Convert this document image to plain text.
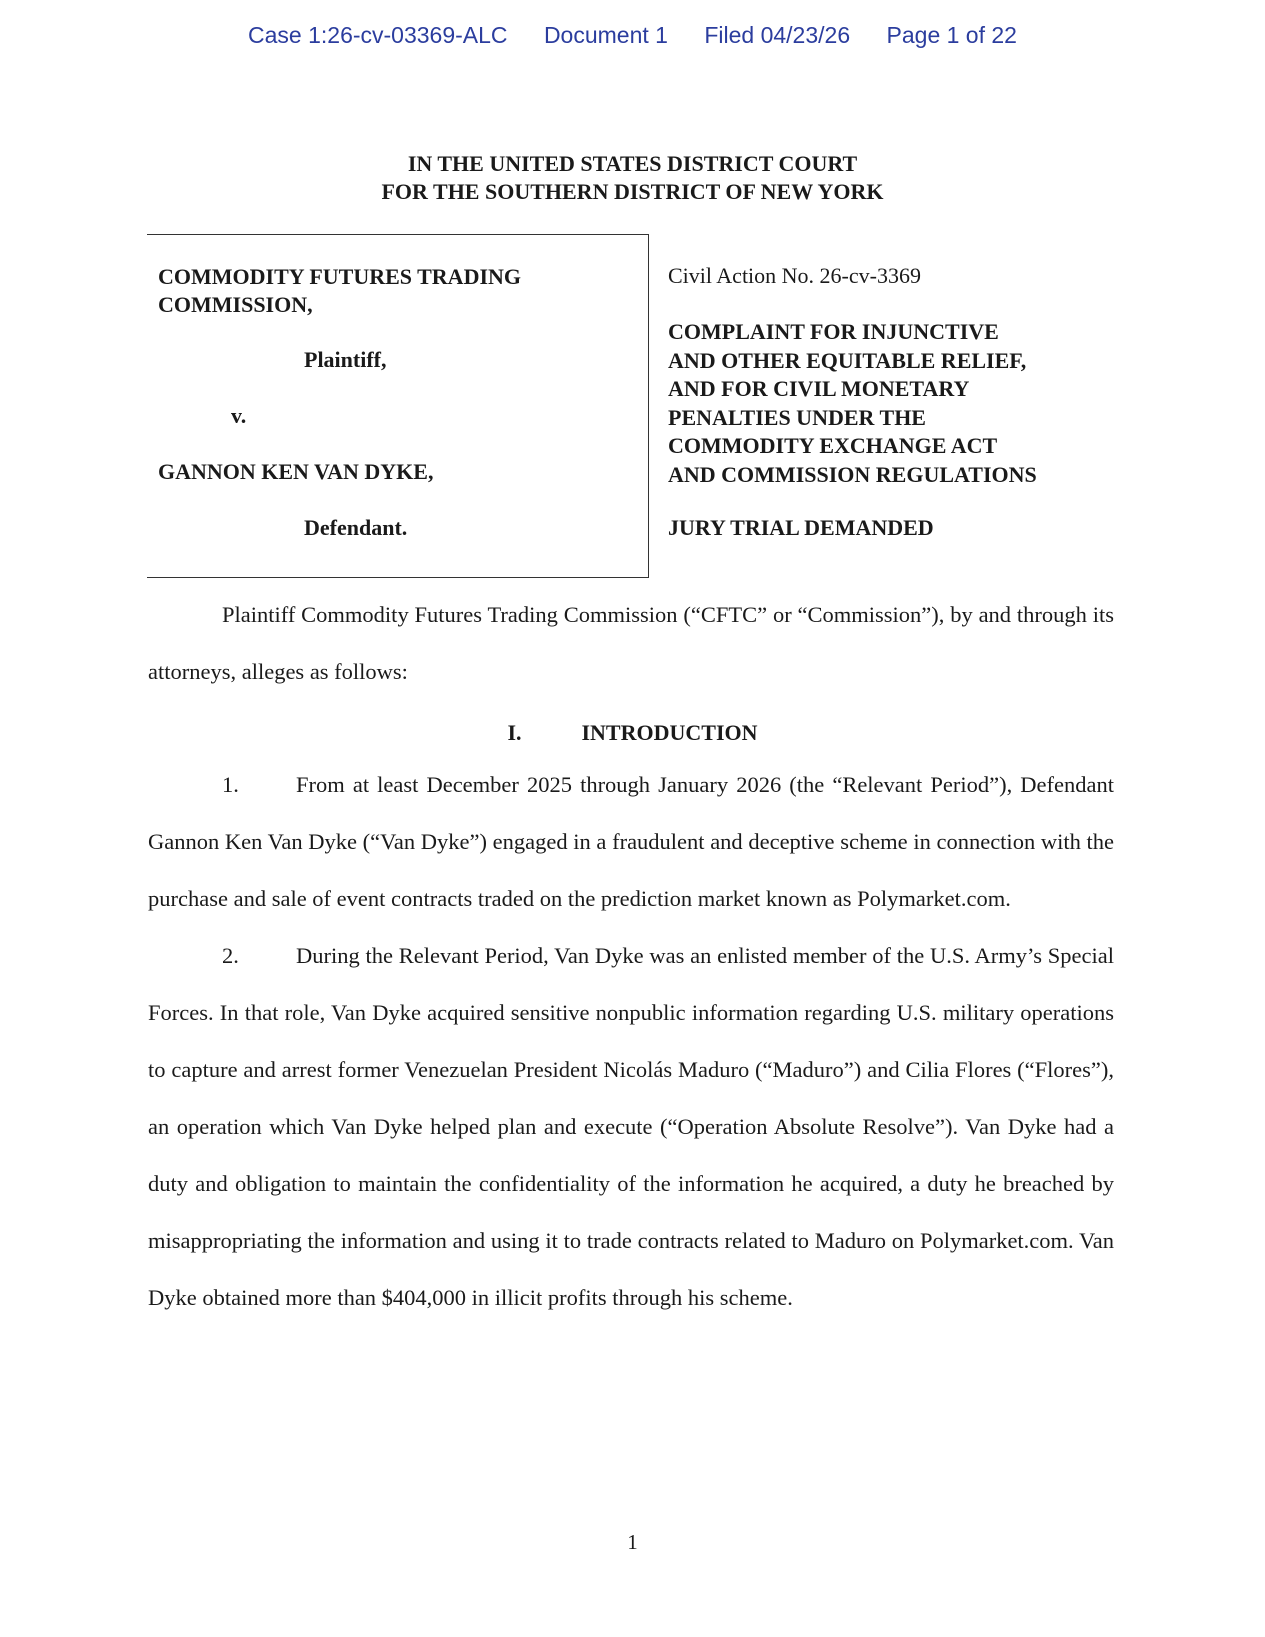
Case 1:26-cv-03369-ALC Document 1 Filed 04/23/26 Page 1 of 22
IN THE UNITED STATES DISTRICT COURT
FOR THE SOUTHERN DISTRICT OF NEW YORK
COMMODITY FUTURES TRADING
COMMISSION,
Plaintiff,
v.
GANNON KEN VAN DYKE,
Defendant.
Civil Action No. 26-cv-3369
COMPLAINT FOR INJUNCTIVE
AND OTHER EQUITABLE RELIEF,
AND FOR CIVIL MONETARY
PENALTIES UNDER THE
COMMODITY EXCHANGE ACT
AND COMMISSION REGULATIONS
JURY TRIAL DEMANDED

Plaintiff Commodity Futures Trading Commission (“CFTC” or “Commission”), by and through its attorneys, alleges as follows:

I.	INTRODUCTION

1.	From at least December 2025 through January 2026 (the “Relevant Period”), Defendant Gannon Ken Van Dyke (“Van Dyke”) engaged in a fraudulent and deceptive scheme in connection with the purchase and sale of event contracts traded on the prediction market known as Polymarket.com.

2.	During the Relevant Period, Van Dyke was an enlisted member of the U.S. Army’s Special Forces. In that role, Van Dyke acquired sensitive nonpublic information regarding U.S. military operations to capture and arrest former Venezuelan President Nicolás Maduro (“Maduro”) and Cilia Flores (“Flores”), an operation which Van Dyke helped plan and execute (“Operation Absolute Resolve”). Van Dyke had a duty and obligation to maintain the confidentiality of the information he acquired, a duty he breached by misappropriating the information and using it to trade contracts related to Maduro on Polymarket.com. Van Dyke obtained more than $404,000 in illicit profits through his scheme.

1
